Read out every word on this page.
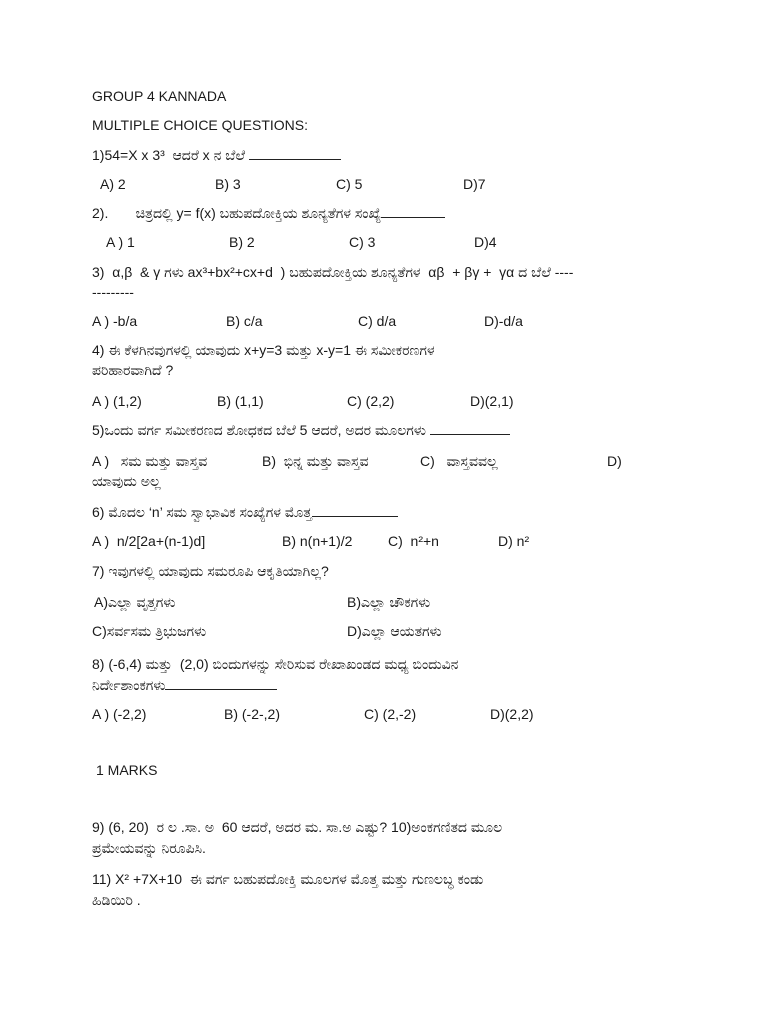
GROUP 4 KANNADA
MULTIPLE CHOICE QUESTIONS:
1)54=X x 3³  ಆದರೆ x ನ ಬೆಲೆ
A) 2	B) 3	C) 5	D)7
2).       ಚಿತ್ರದಲ್ಲಿ y= f(x) ಬಹುಪದೋಕ್ತಿಯ ಶೂನ್ಯತೆಗಳ ಸಂಖ್ಯೆ
A ) 1	B) 2	C) 3	D)4
3)  α,β  & γ ಗಳು ax³+bx²+cx+d  ) ಬಹುಪದೋಕ್ತಿಯ ಶೂನ್ಯತೆಗಳ  αβ  + βγ +  γα ದ ಬೆಲೆ ----
---------
A ) -b/a	B) c/a	C) d/a	D)-d/a
4) ಈ ಕೆಳಗಿನವುಗಳಲ್ಲಿ ಯಾವುದು x+y=3 ಮತ್ತು x-y=1 ಈ ಸಮೀಕರಣಗಳ
ಪರಿಹಾರವಾಗಿದೆ ?
A ) (1,2)	B) (1,1)	C) (2,2)	D)(2,1)
5)ಒಂದು ವರ್ಗ ಸಮೀಕರಣದ ಶೋಧಕದ ಬೆಲೆ 5 ಆದರೆ, ಅದರ ಮೂಲಗಳು
A )   ಸಮ ಮತ್ತು ವಾಸ್ತವ	B)  ಭಿನ್ನ ಮತ್ತು ವಾಸ್ತವ	C)   ವಾಸ್ತವವಲ್ಲ	D)
ಯಾವುದು ಅಲ್ಲ
6) ಮೊದಲ ‘n’ ಸಮ ಸ್ವಾಭಾವಿಕ ಸಂಖ್ಯೆಗಳ ಮೊತ್ತ
A )  n/2[2a+(n-1)d]	B) n(n+1)/2	C)  n²+n	D) n²
7) ಇವುಗಳಲ್ಲಿ ಯಾವುದು ಸಮರೂಪಿ ಆಕೃತಿಯಾಗಿಲ್ಲ?
A)ಎಲ್ಲಾ ವೃತ್ತಗಳು	B)ಎಲ್ಲಾ ಚೌಕಗಳು
C)ಸರ್ವಸಮ ತ್ರಿಭುಜಗಳು	D)ಎಲ್ಲಾ ಆಯತಗಳು
8) (-6,4) ಮತ್ತು  (2,0) ಬಿಂದುಗಳನ್ನು ಸೇರಿಸುವ ರೇಖಾಖಂಡದ ಮಧ್ಯ ಬಿಂದುವಿನ
ನಿರ್ದೇಶಾಂಕಗಳು
A ) (-2,2)	B) (-2-,2)	C) (2,-2)	D)(2,2)
1 MARKS
9) (6, 20)  ರ ಲ .ಸಾ. ಅ  60 ಆದರೆ, ಅದರ ಮ. ಸಾ.ಅ ಎಷ್ಟು? 10)ಅಂಕಗಣಿತದ ಮೂಲ
ಪ್ರಮೇಯವನ್ನು ನಿರೂಪಿಸಿ.
11) X² +7X+10  ಈ ವರ್ಗ ಬಹುಪದೋಕ್ತಿ ಮೂಲಗಳ ಮೊತ್ತ ಮತ್ತು ಗುಣಲಬ್ಧ ಕಂಡು
ಹಿಡಿಯಿರಿ .
